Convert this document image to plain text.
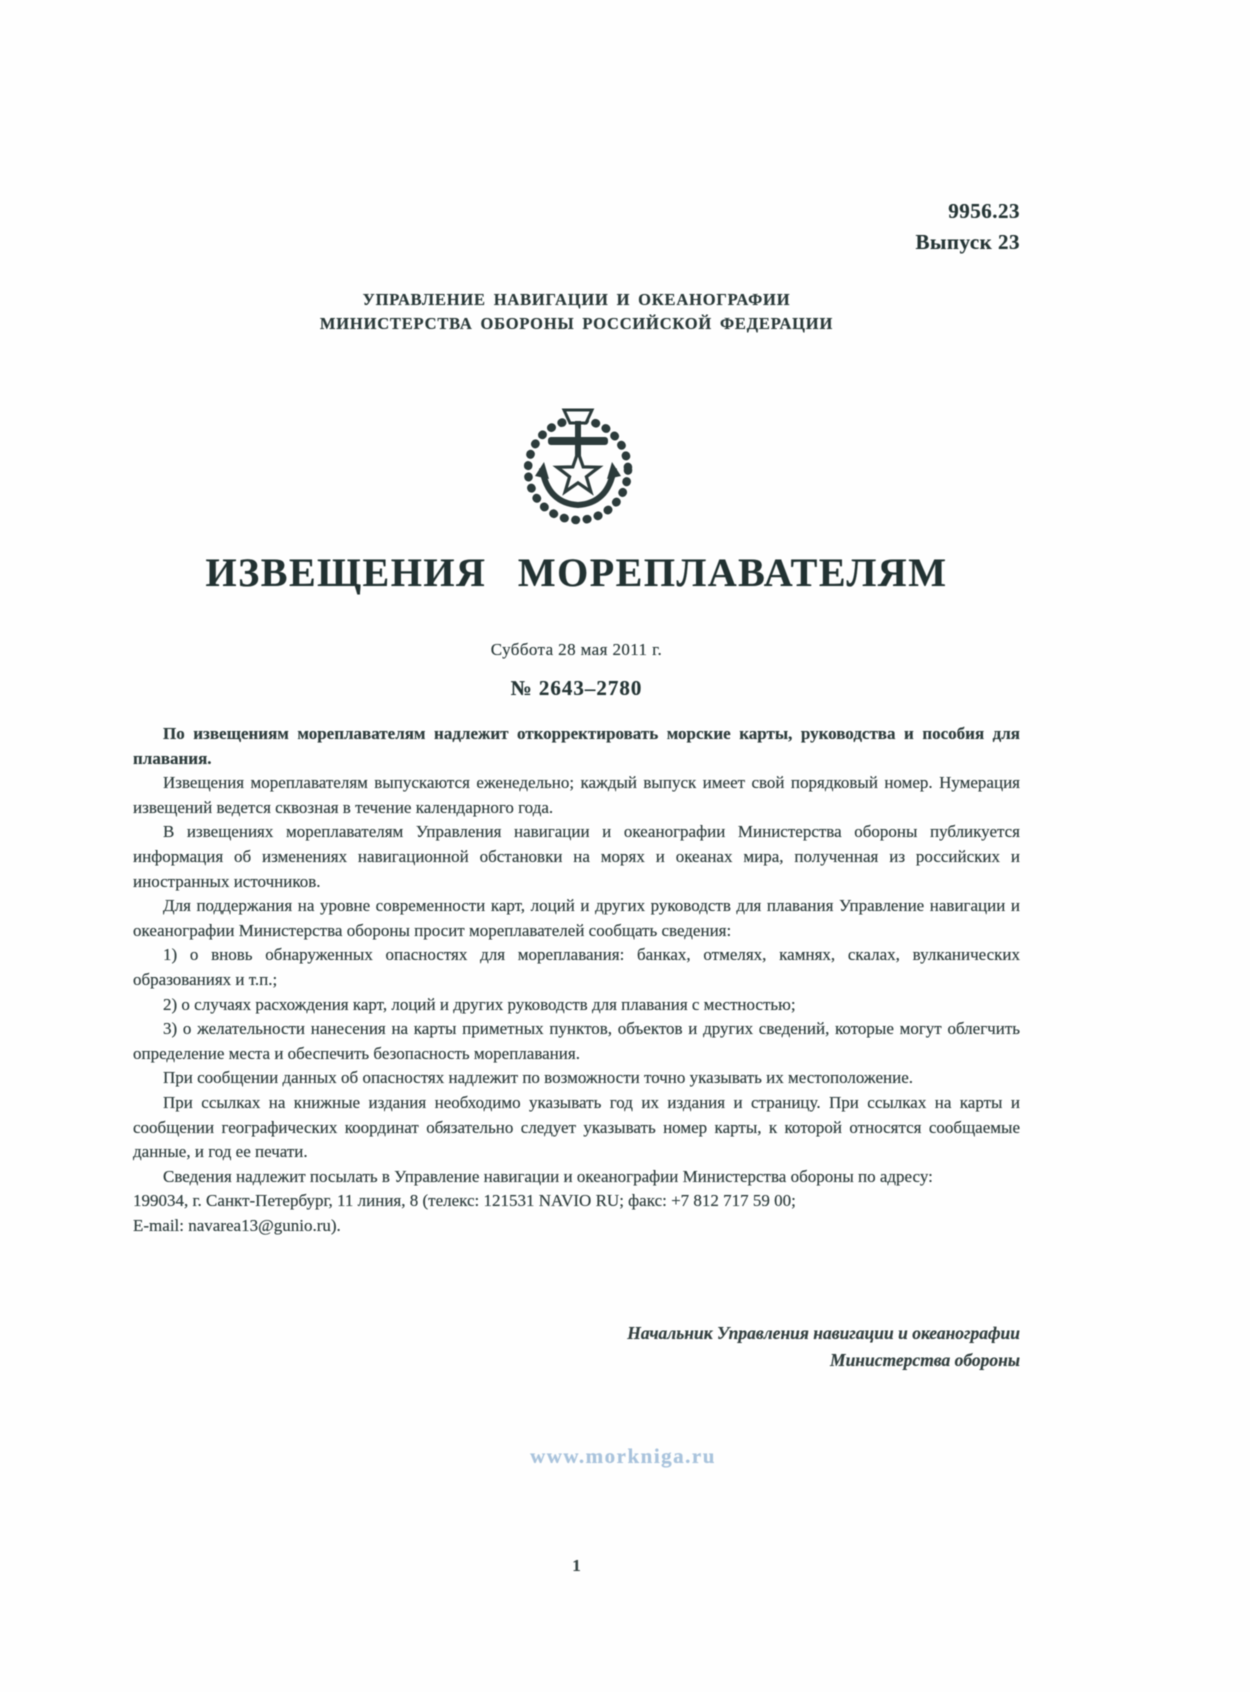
9956.23
Выпуск 23
УПРАВЛЕНИЕ НАВИГАЦИИ И ОКЕАНОГРАФИИ
МИНИСТЕРСТВА ОБОРОНЫ РОССИЙСКОЙ ФЕДЕРАЦИИ
ИЗВЕЩЕНИЯ МОРЕПЛАВАТЕЛЯМ
Суббота 28 мая 2011 г.
№ 2643–2780

По извещениям мореплавателям надлежит откорректировать морские карты, руководства и пособия для плавания.

Извещения мореплавателям выпускаются еженедельно; каждый выпуск имеет свой порядковый номер. Нумерация извещений ведется сквозная в течение календарного года.

В извещениях мореплавателям Управления навигации и океанографии Министерства обороны публикуется информация об изменениях навигационной обстановки на морях и океанах мира, полученная из российских и иностранных источников.

Для поддержания на уровне современности карт, лоций и других руководств для плавания Управление навигации и океанографии Министерства обороны просит мореплавателей сообщать сведения:

1) о вновь обнаруженных опасностях для мореплавания: банках, отмелях, камнях, скалах, вулканических образованиях и т.п.;

2) о случаях расхождения карт, лоций и других руководств для плавания с местностью;

3) о желательности нанесения на карты приметных пунктов, объектов и других сведений, которые могут облегчить определение места и обеспечить безопасность мореплавания.

При сообщении данных об опасностях надлежит по возможности точно указывать их местоположение.

При ссылках на книжные издания необходимо указывать год их издания и страницу. При ссылках на карты и сообщении географических координат обязательно следует указывать номер карты, к которой относятся сообщаемые данные, и год ее печати.

Сведения надлежит посылать в Управление навигации и океанографии Министерства обороны по адресу:

199034, г. Санкт-Петербург, 11 линия, 8 (телекс: 121531 NAVIO RU; факс: +7 812 717 59 00;

E-mail: navarea13@gunio.ru).

Начальник Управления навигации и океанографии
Министерства обороны
www.morkniga.ru
1
